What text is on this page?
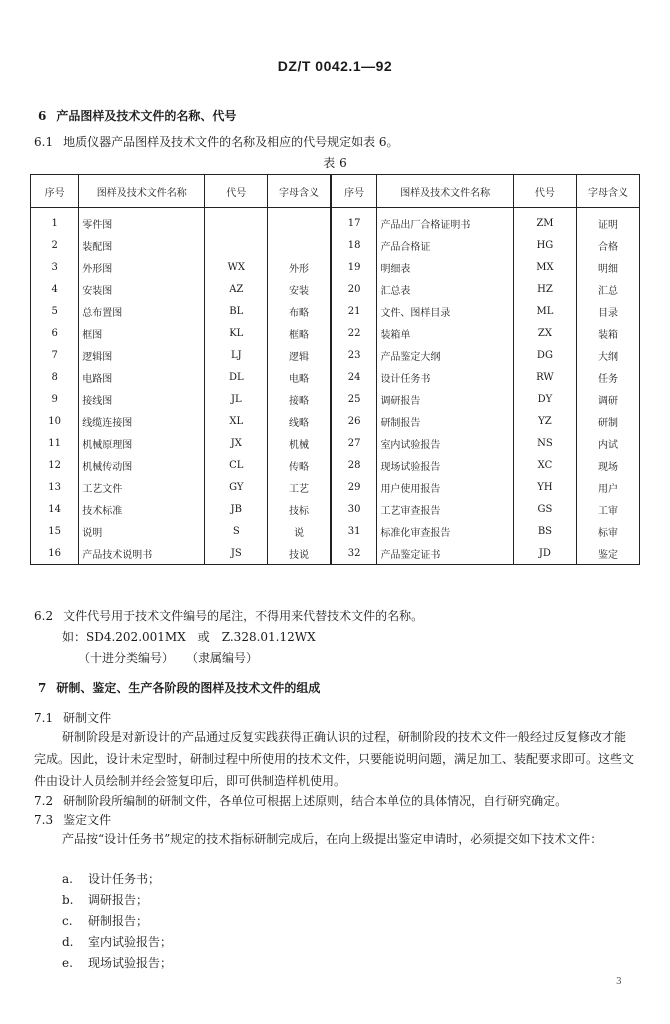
DZ/T 0042.1—92
6 产品图样及技术文件的名称、代号
6.1 地质仪器产品图样及技术文件的名称及相应的代号规定如表 6。
表 6
序号	图样及技术文件名称	代号	字母含义	序号	图样及技术文件名称	代号	字母含义
1	零件图			17	产品出厂合格证明书	ZM	证明
2	装配图			18	产品合格证	HG	合格
3	外形图	WX	外形	19	明细表	MX	明细
4	安装图	AZ	安装	20	汇总表	HZ	汇总
5	总布置图	BL	布略	21	文件、图样目录	ML	目录
6	框图	KL	框略	22	装箱单	ZX	装箱
7	逻辑图	LJ	逻辑	23	产品鉴定大纲	DG	大纲
8	电路图	DL	电略	24	设计任务书	RW	任务
9	接线图	JL	接略	25	调研报告	DY	调研
10	线缆连接图	XL	线略	26	研制报告	YZ	研制
11	机械原理图	JX	机械	27	室内试验报告	NS	内试
12	机械传动图	CL	传略	28	现场试验报告	XC	现场
13	工艺文件	GY	工艺	29	用户使用报告	YH	用户
14	技术标准	JB	技标	30	工艺审查报告	GS	工审
15	说明	S	说	31	标准化审查报告	BS	标审
16	产品技术说明书	JS	技说	32	产品鉴定证书	JD	鉴定
6.2 文件代号用于技术文件编号的尾注，不得用来代替技术文件的名称。
如：SD4.202.001MX　或　Z.328.01.12WX
（十进分类编号）　　（隶属编号）
7 研制、鉴定、生产各阶段的图样及技术文件的组成
7.1 研制文件
研制阶段是对新设计的产品通过反复实践获得正确认识的过程，研制阶段的技术文件一般经过反复修改才能完成。因此，设计未定型时，研制过程中所使用的技术文件，只要能说明问题，满足加工、装配要求即可。这些文件由设计人员绘制并经会签复印后，即可供制造样机使用。
7.2 研制阶段所编制的研制文件，各单位可根据上述原则，结合本单位的具体情况，自行研究确定。
7.3 鉴定文件
产品按“设计任务书”规定的技术指标研制完成后，在向上级提出鉴定申请时，必须提交如下技术文件：
a. 设计任务书；
b. 调研报告；
c. 研制报告；
d. 室内试验报告；
e. 现场试验报告；
3
